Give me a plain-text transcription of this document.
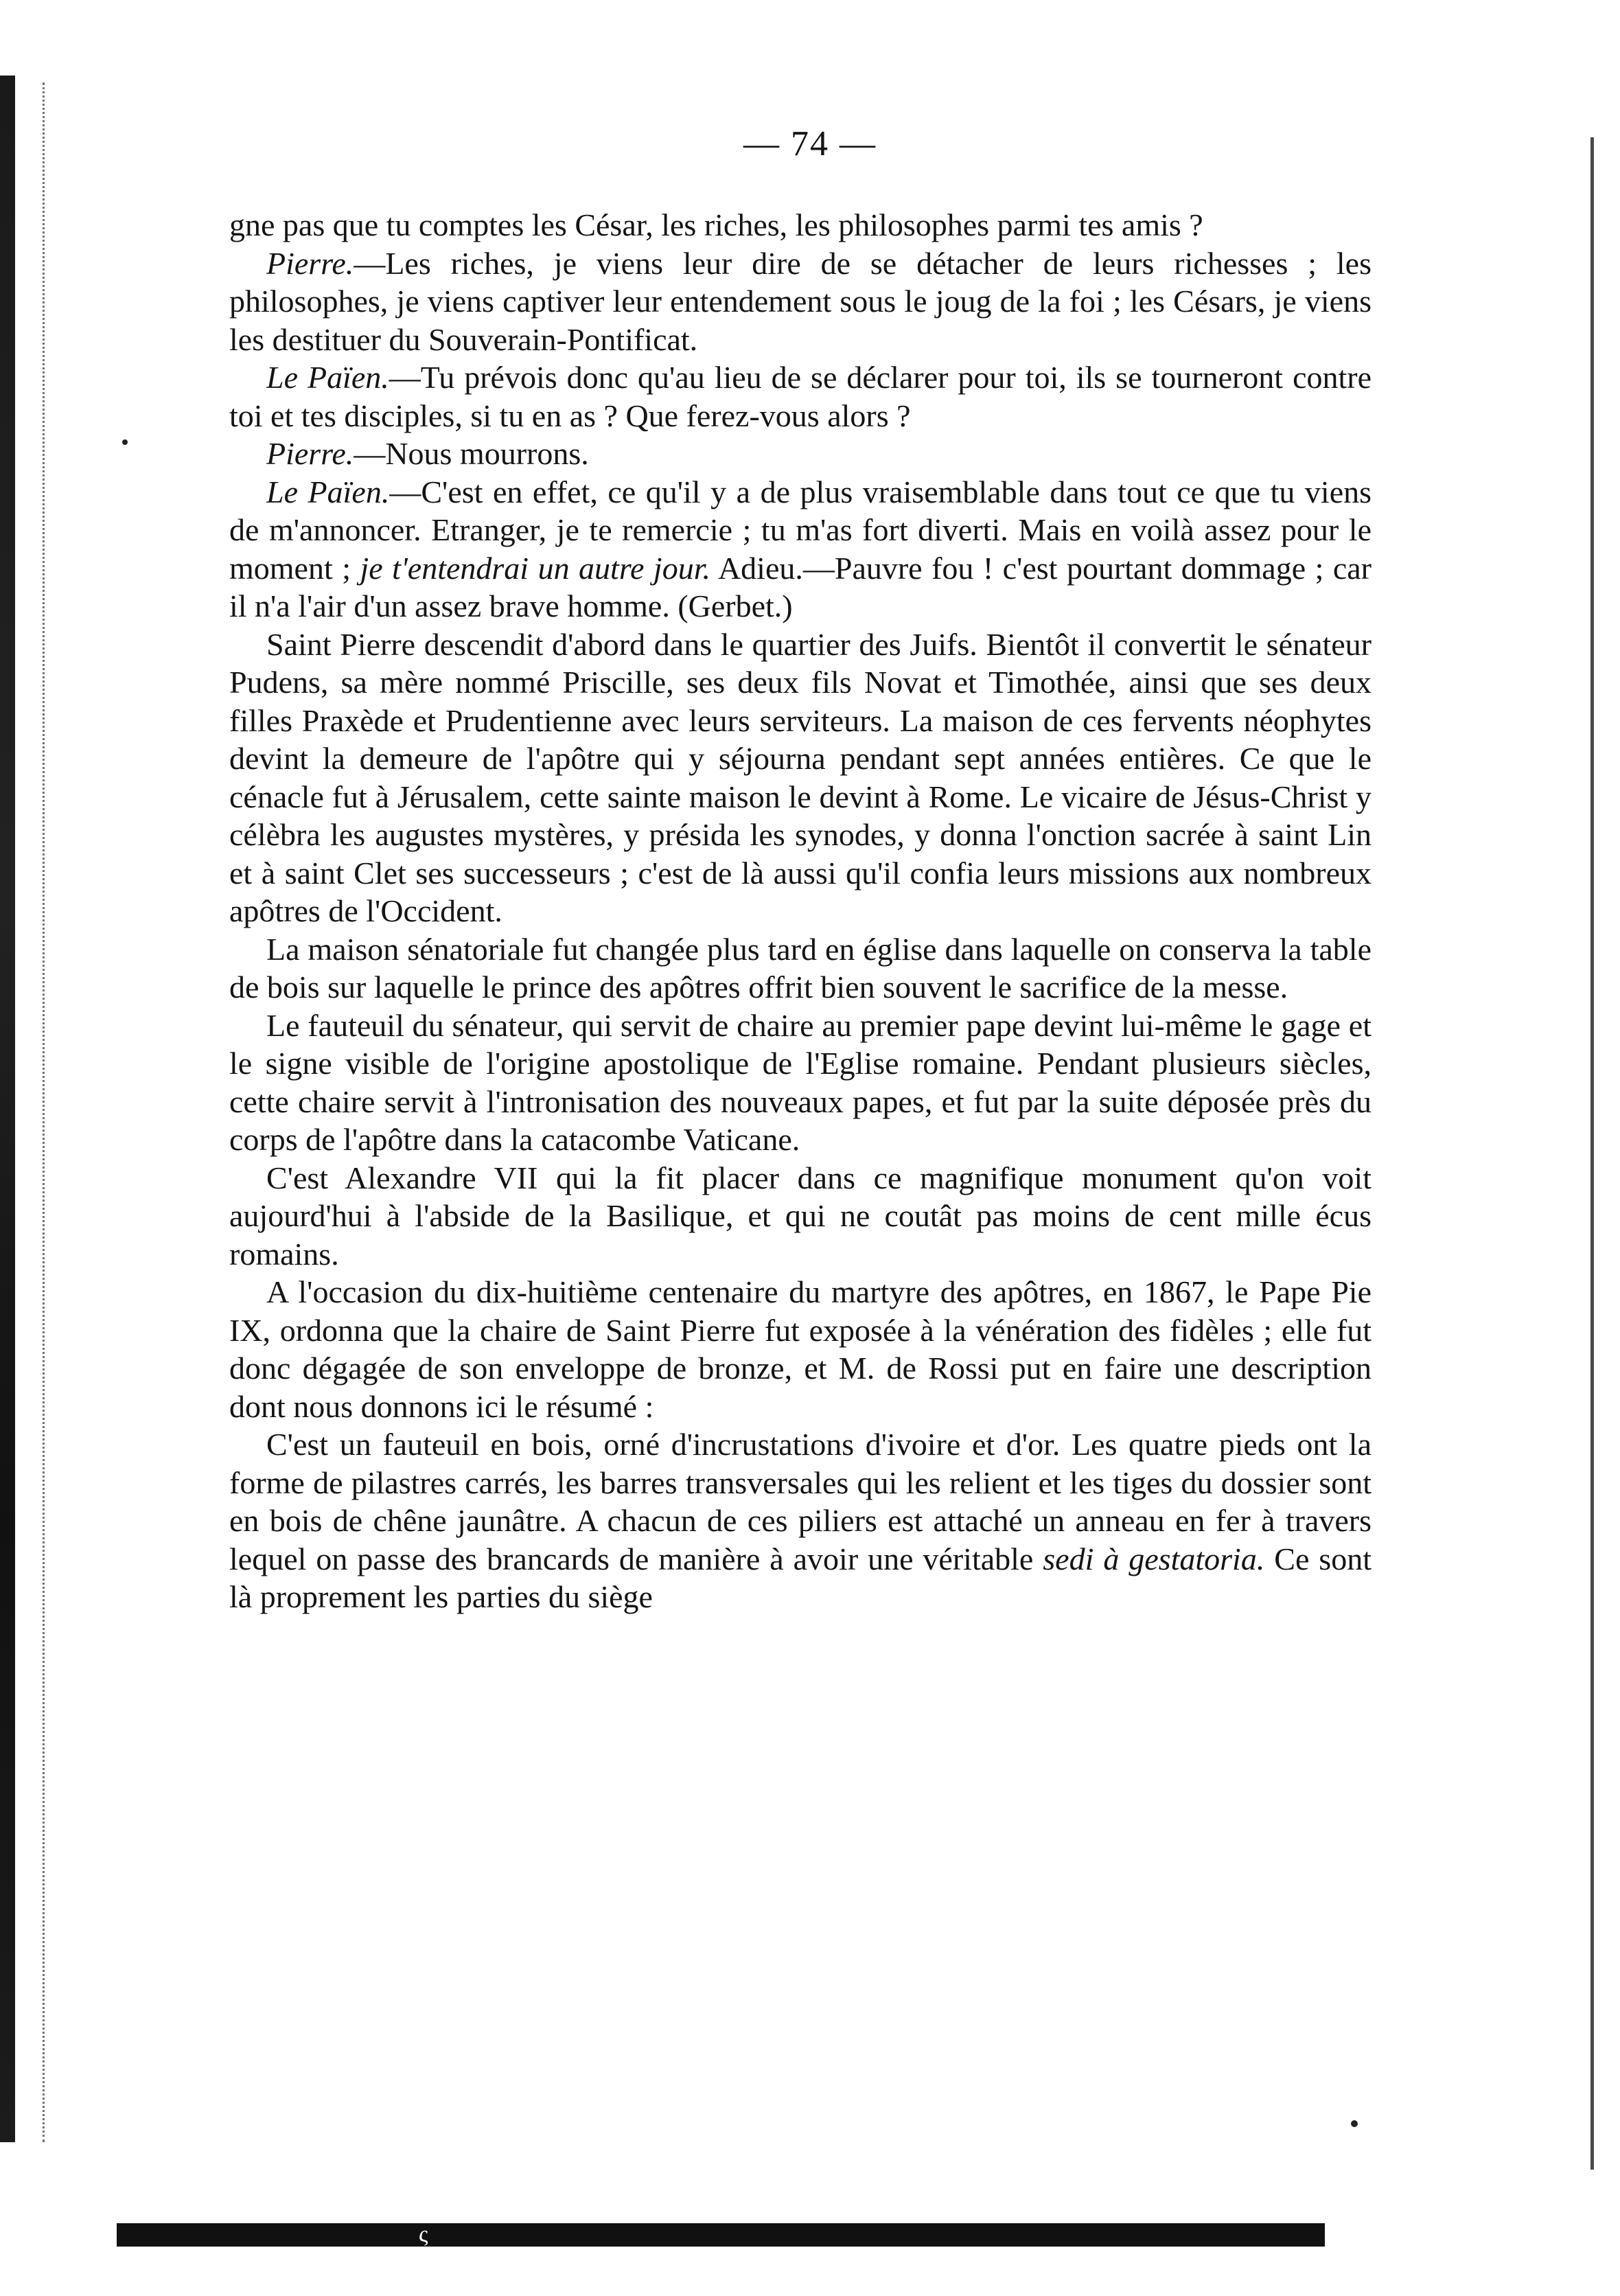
— 74 —

gne pas que tu comptes les César, les riches, les philosophes parmi tes amis ?

Pierre.—Les riches, je viens leur dire de se détacher de leurs richesses ; les philosophes, je viens captiver leur entendement sous le joug de la foi ; les Césars, je viens les destituer du Souverain-Pontificat.

Le Païen.—Tu prévois donc qu'au lieu de se déclarer pour toi, ils se tourneront contre toi et tes disciples, si tu en as ? Que ferez-vous alors ?

Pierre.—Nous mourrons.

Le Païen.—C'est en effet, ce qu'il y a de plus vraisemblable dans tout ce que tu viens de m'annoncer. Etranger, je te remercie ; tu m'as fort diverti. Mais en voilà assez pour le moment ; je t'entendrai un autre jour. Adieu.—Pauvre fou ! c'est pourtant dommage ; car il n'a l'air d'un assez brave homme. (Gerbet.)

Saint Pierre descendit d'abord dans le quartier des Juifs. Bientôt il convertit le sénateur Pudens, sa mère nommé Priscille, ses deux fils Novat et Timothée, ainsi que ses deux filles Praxède et Prudentienne avec leurs serviteurs. La maison de ces fervents néophytes devint la demeure de l'apôtre qui y séjourna pendant sept années entières. Ce que le cénacle fut à Jérusalem, cette sainte maison le devint à Rome. Le vicaire de Jésus-Christ y célèbra les augustes mystères, y présida les synodes, y donna l'onction sacrée à saint Lin et à saint Clet ses successeurs ; c'est de là aussi qu'il confia leurs missions aux nombreux apôtres de l'Occident.

La maison sénatoriale fut changée plus tard en église dans laquelle on conserva la table de bois sur laquelle le prince des apôtres offrit bien souvent le sacrifice de la messe.

Le fauteuil du sénateur, qui servit de chaire au premier pape devint lui-même le gage et le signe visible de l'origine apostolique de l'Eglise romaine. Pendant plusieurs siècles, cette chaire servit à l'intronisation des nouveaux papes, et fut par la suite déposée près du corps de l'apôtre dans la catacombe Vaticane.

C'est Alexandre VII qui la fit placer dans ce magnifique monument qu'on voit aujourd'hui à l'abside de la Basilique, et qui ne coutât pas moins de cent mille écus romains.

A l'occasion du dix-huitième centenaire du martyre des apôtres, en 1867, le Pape Pie IX, ordonna que la chaire de Saint Pierre fut exposée à la vénération des fidèles ; elle fut donc dégagée de son enveloppe de bronze, et M. de Rossi put en faire une description dont nous donnons ici le résumé :

C'est un fauteuil en bois, orné d'incrustations d'ivoire et d'or. Les quatre pieds ont la forme de pilastres carrés, les barres transversales qui les relient et les tiges du dossier sont en bois de chêne jaunâtre. A chacun de ces piliers est attaché un anneau en fer à travers lequel on passe des brancards de manière à avoir une véritable sedi à gestatoria. Ce sont là proprement les parties du siège

ς
